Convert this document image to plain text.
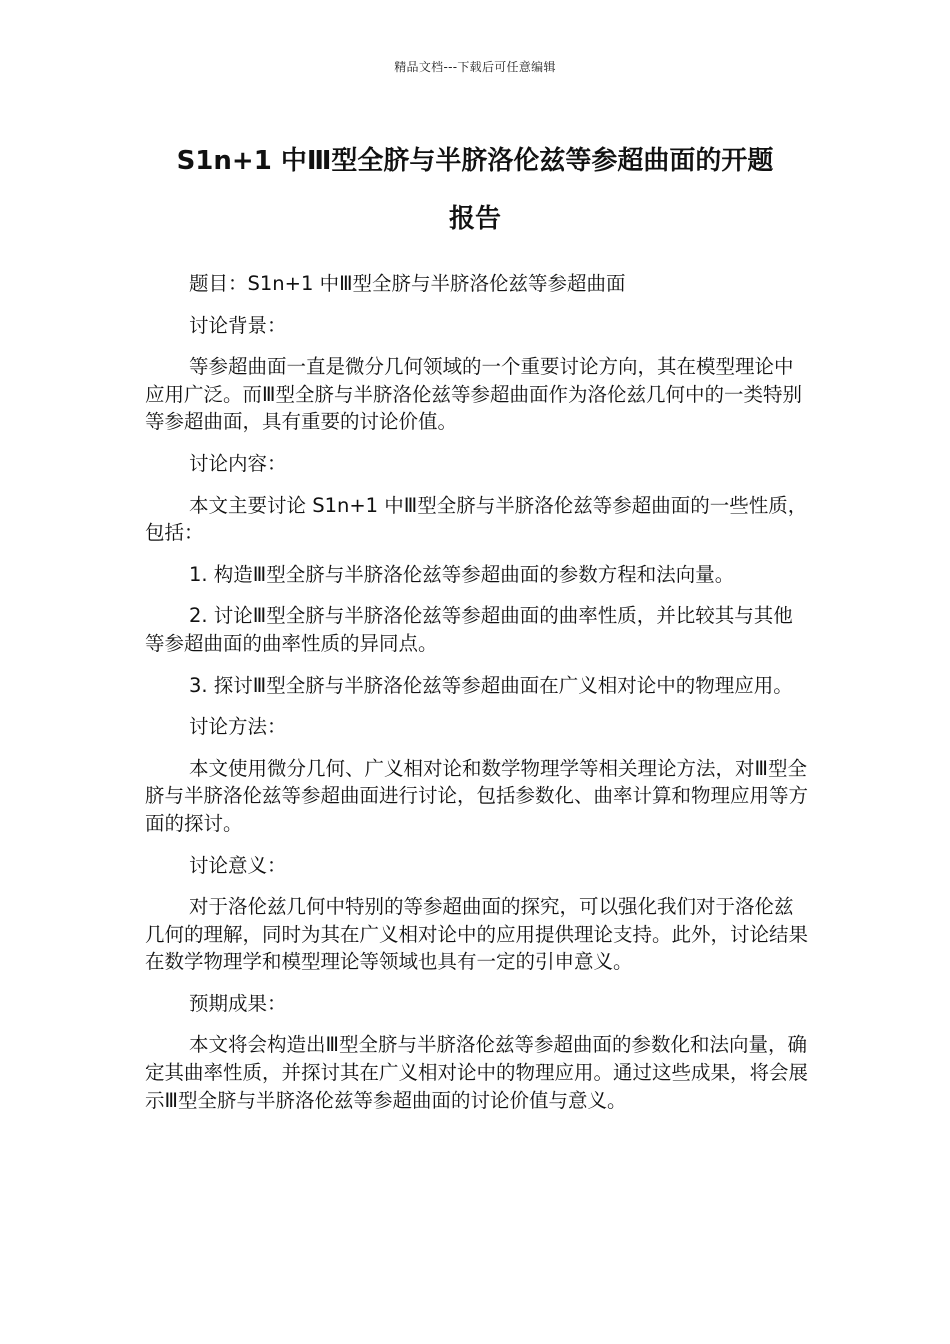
精品文档---下载后可任意编辑
S1n+1 中Ⅲ型全脐与半脐洛伦兹等参超曲面的开题
报告

题目：S1n+1 中Ⅲ型全脐与半脐洛伦兹等参超曲面

讨论背景：

等参超曲面一直是微分几何领域的一个重要讨论方向，其在模型理论中应用广泛。而Ⅲ型全脐与半脐洛伦兹等参超曲面作为洛伦兹几何中的一类特别等参超曲面，具有重要的讨论价值。

讨论内容：

本文主要讨论 S1n+1 中Ⅲ型全脐与半脐洛伦兹等参超曲面的一些性质，包括：

1. 构造Ⅲ型全脐与半脐洛伦兹等参超曲面的参数方程和法向量。

2. 讨论Ⅲ型全脐与半脐洛伦兹等参超曲面的曲率性质，并比较其与其他等参超曲面的曲率性质的异同点。

3. 探讨Ⅲ型全脐与半脐洛伦兹等参超曲面在广义相对论中的物理应用。

讨论方法：

本文使用微分几何、广义相对论和数学物理学等相关理论方法，对Ⅲ型全脐与半脐洛伦兹等参超曲面进行讨论，包括参数化、曲率计算和物理应用等方面的探讨。

讨论意义：

对于洛伦兹几何中特别的等参超曲面的探究，可以强化我们对于洛伦兹几何的理解，同时为其在广义相对论中的应用提供理论支持。此外，讨论结果在数学物理学和模型理论等领域也具有一定的引申意义。

预期成果：

本文将会构造出Ⅲ型全脐与半脐洛伦兹等参超曲面的参数化和法向量，确定其曲率性质，并探讨其在广义相对论中的物理应用。通过这些成果，将会展示Ⅲ型全脐与半脐洛伦兹等参超曲面的讨论价值与意义。
